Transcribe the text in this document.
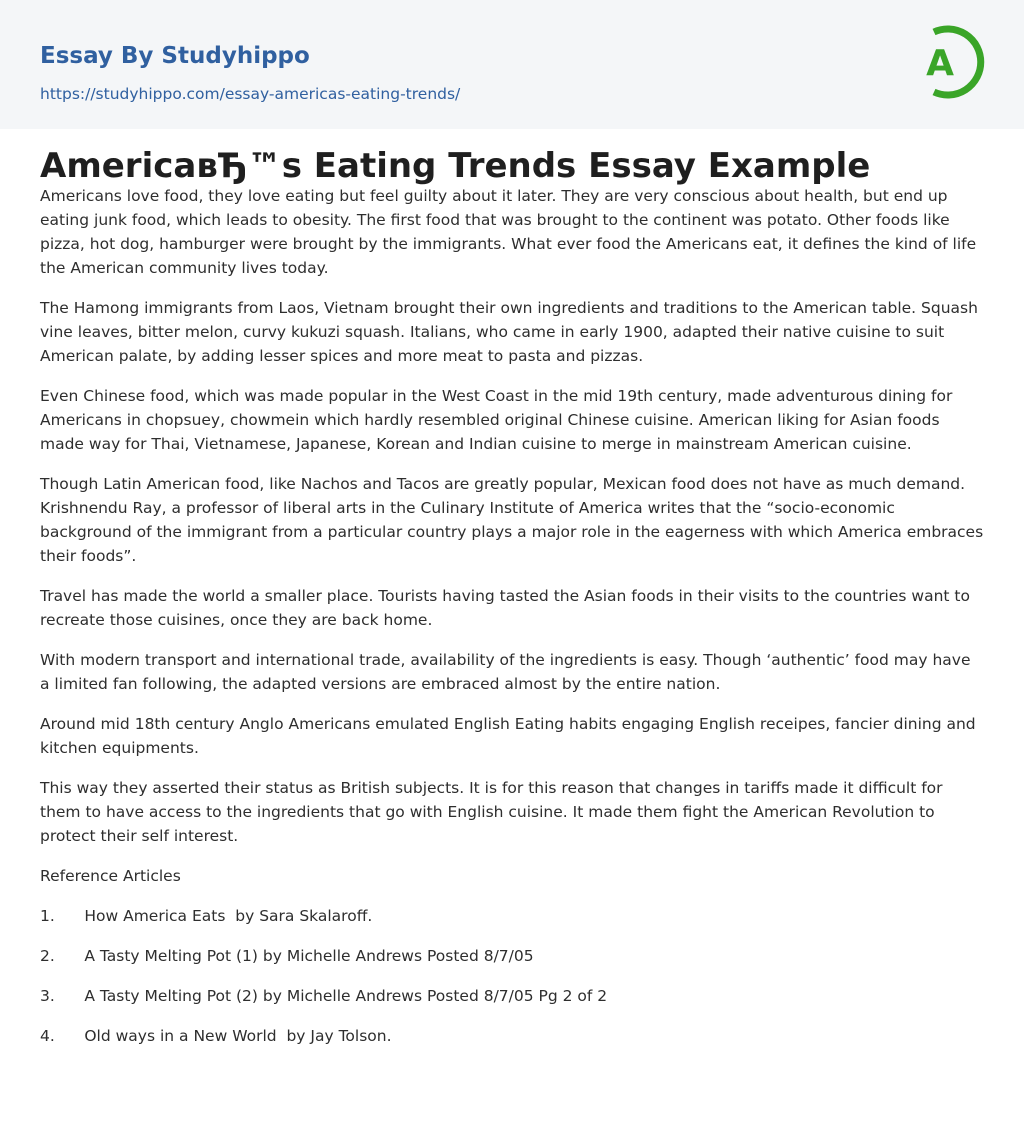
Essay By Studyhippo
https://studyhippo.com/essay-americas-eating-trends/
A
AmericaвЂ™s Eating Trends Essay Example

Americans love food, they love eating but feel guilty about it later. They are very conscious about health, but end up eating junk food, which leads to obesity. The first food that was brought to the continent was potato. Other foods like pizza, hot dog, hamburger were brought by the immigrants. What ever food the Americans eat, it defines the kind of life the American community lives today.

The Hamong immigrants from Laos, Vietnam brought their own ingredients and traditions to the American table. Squash vine leaves, bitter melon, curvy kukuzi squash. Italians, who came in early 1900, adapted their native cuisine to suit American palate, by adding lesser spices and more meat to pasta and pizzas.

Even Chinese food, which was made popular in the West Coast in the mid 19th century, made adventurous dining for Americans in chopsuey, chowmein which hardly resembled original Chinese cuisine. American liking for Asian foods made way for Thai, Vietnamese, Japanese, Korean and Indian cuisine to merge in mainstream American cuisine.

Though Latin American food, like Nachos and Tacos are greatly popular, Mexican food does not have as much demand. Krishnendu Ray, a professor of liberal arts in the Culinary Institute of America writes that the “socio-economic background of the immigrant from a particular country plays a major role in the eagerness with which America embraces their foods”.

Travel has made the world a smaller place. Tourists having tasted the Asian foods in their visits to the countries want to recreate those cuisines, once they are back home.

With modern transport and international trade, availability of the ingredients is easy. Though ‘authentic’ food may have a limited fan following, the adapted versions are embraced almost by the entire nation.

Around mid 18th century Anglo Americans emulated English Eating habits engaging English receipes, fancier dining and kitchen equipments.

This way they asserted their status as British subjects. It is for this reason that changes in tariffs made it difficult for them to have access to the ingredients that go with English cuisine. It made them fight the American Revolution to protect their self interest.

Reference Articles

1.      How America Eats  by Sara Skalaroff.
2.      A Tasty Melting Pot (1) by Michelle Andrews Posted 8/7/05
3.      A Tasty Melting Pot (2) by Michelle Andrews Posted 8/7/05 Pg 2 of 2
4.      Old ways in a New World  by Jay Tolson.
